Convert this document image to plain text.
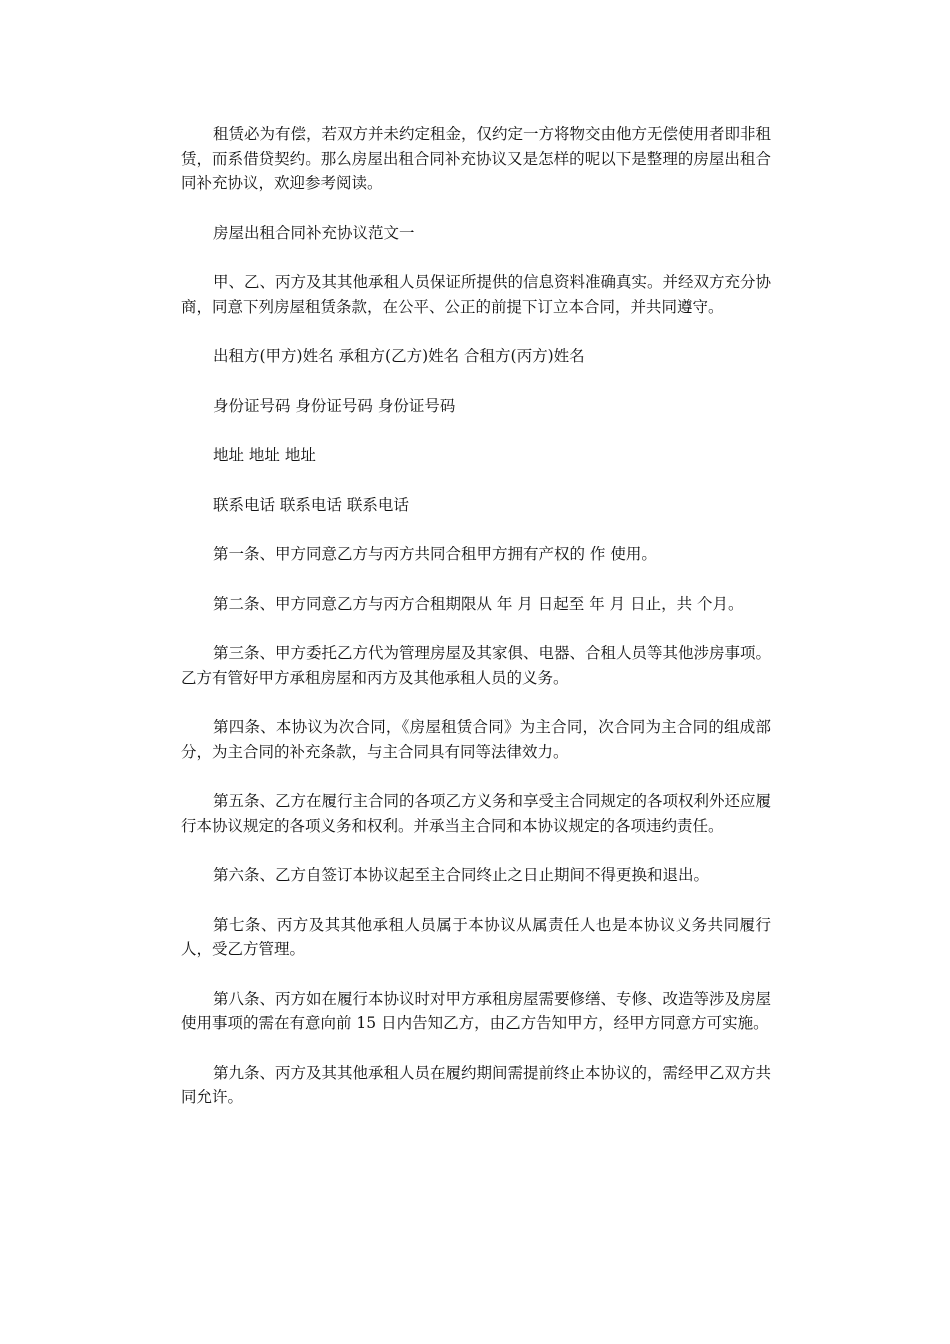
租赁必为有偿，若双方并未约定租金，仅约定一方将物交由他方无偿使用者即非租赁，而系借贷契约。那么房屋出租合同补充协议又是怎样的呢以下是整理的房屋出租合同补充协议，欢迎参考阅读。

房屋出租合同补充协议范文一

甲、乙、丙方及其其他承租人员保证所提供的信息资料准确真实。并经双方充分协商，同意下列房屋租赁条款，在公平、公正的前提下订立本合同，并共同遵守。

出租方(甲方)姓名 承租方(乙方)姓名 合租方(丙方)姓名

身份证号码 身份证号码 身份证号码

地址 地址 地址

联系电话 联系电话 联系电话

第一条、甲方同意乙方与丙方共同合租甲方拥有产权的 作 使用。

第二条、甲方同意乙方与丙方合租期限从 年 月 日起至 年 月 日止，共 个月。

第三条、甲方委托乙方代为管理房屋及其家俱、电器、合租人员等其他涉房事项。乙方有管好甲方承租房屋和丙方及其他承租人员的义务。

第四条、本协议为次合同，《房屋租赁合同》为主合同，次合同为主合同的组成部分，为主合同的补充条款，与主合同具有同等法律效力。

第五条、乙方在履行主合同的各项乙方义务和享受主合同规定的各项权利外还应履行本协议规定的各项义务和权利。并承当主合同和本协议规定的各项违约责任。

第六条、乙方自签订本协议起至主合同终止之日止期间不得更换和退出。

第七条、丙方及其其他承租人员属于本协议从属责任人也是本协议义务共同履行人，受乙方管理。

第八条、丙方如在履行本协议时对甲方承租房屋需要修缮、专修、改造等涉及房屋使用事项的需在有意向前 15 日内告知乙方，由乙方告知甲方，经甲方同意方可实施。

第九条、丙方及其其他承租人员在履约期间需提前终止本协议的，需经甲乙双方共同允许。
